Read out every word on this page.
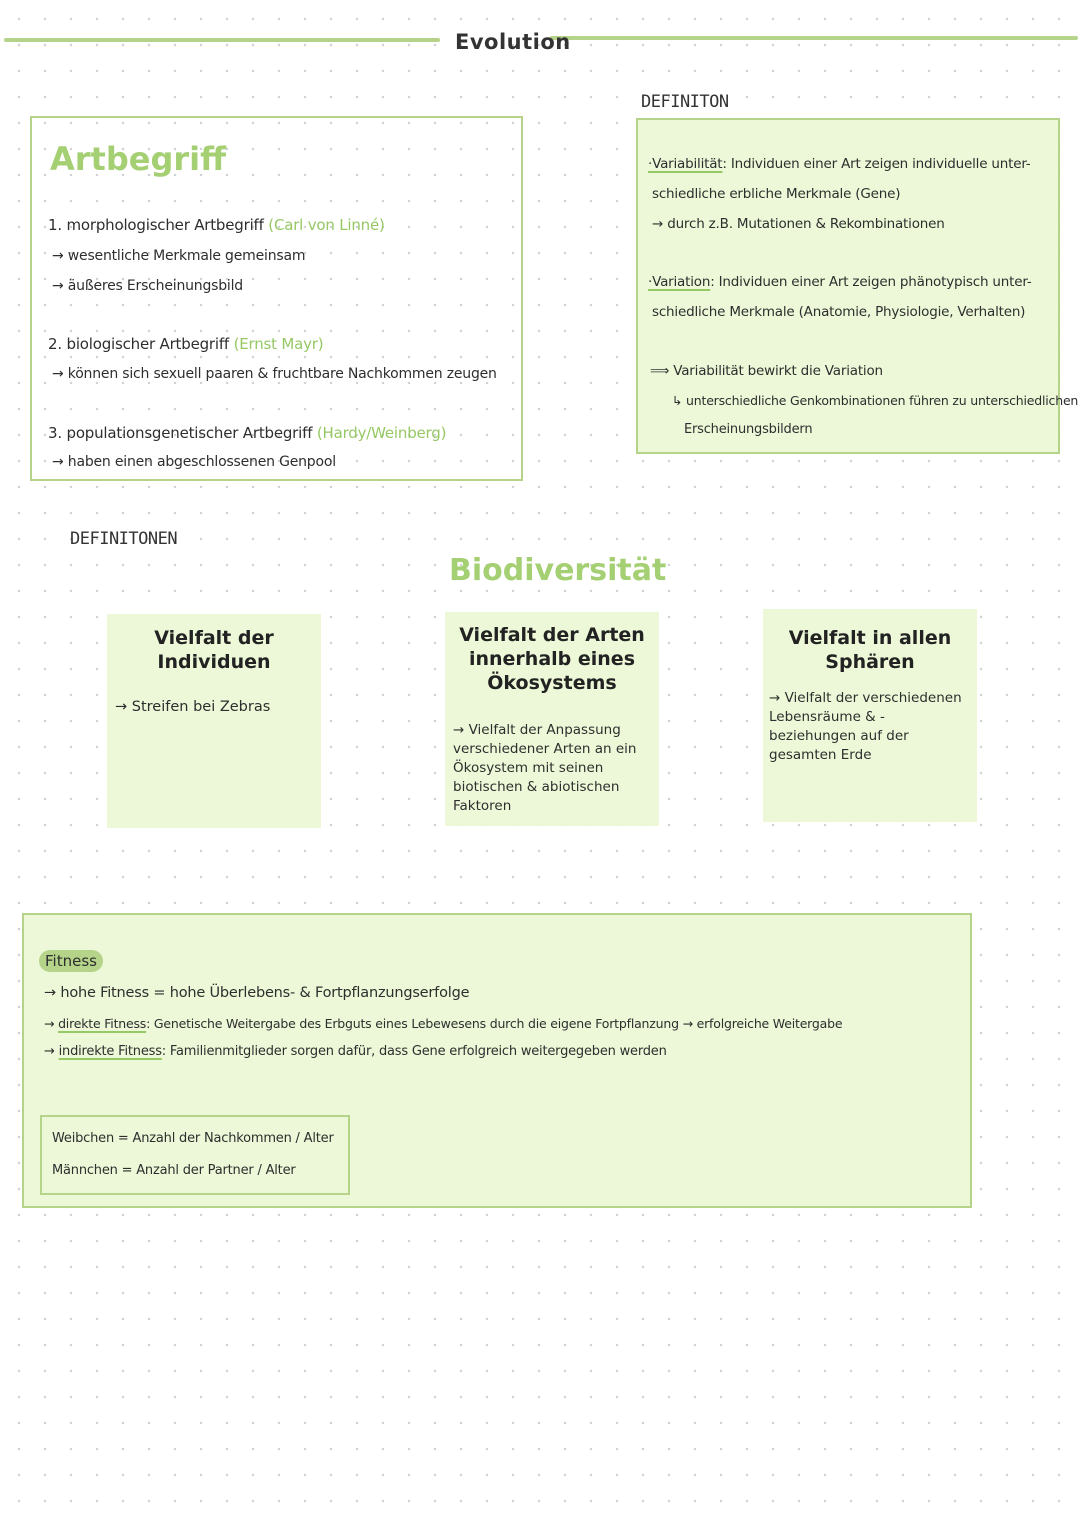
Evolution
Artbegriff
1. morphologischer Artbegriff (Carl von Linné)
→ wesentliche Merkmale gemeinsam
→ äußeres Erscheinungsbild
2. biologischer Artbegriff (Ernst Mayr)
→ können sich sexuell paaren & fruchtbare Nachkommen zeugen
3. populationsgenetischer Artbegriff (Hardy/Weinberg)
→ haben einen abgeschlossenen Genpool
DEFINITON
·Variabilität: Individuen einer Art zeigen individuelle unter-
schiedliche erbliche Merkmale (Gene)
→ durch z.B. Mutationen & Rekombinationen
·Variation: Individuen einer Art zeigen phänotypisch unter-
schiedliche Merkmale (Anatomie, Physiologie, Verhalten)
⟹ Variabilität bewirkt die Variation
↳ unterschiedliche Genkombinationen führen zu unterschiedlichen
Erscheinungsbildern
DEFINITONEN
Biodiversität
Vielfalt der Individuen
→ Streifen bei Zebras
Vielfalt der Arten innerhalb eines Ökosystems
→ Vielfalt der Anpassung verschiedener Arten an ein Ökosystem mit seinen biotischen & abiotischen Faktoren
Vielfalt in allen Sphären
→ Vielfalt der verschiedenen Lebensräume & -beziehungen auf der gesamten Erde
Fitness
→ hohe Fitness = hohe Überlebens- & Fortpflanzungserfolge
→ direkte Fitness: Genetische Weitergabe des Erbguts eines Lebewesens durch die eigene Fortpflanzung → erfolgreiche Weitergabe
→ indirekte Fitness: Familienmitglieder sorgen dafür, dass Gene erfolgreich weitergegeben werden
Weibchen = Anzahl der Nachkommen / Alter
Männchen = Anzahl der Partner / Alter
